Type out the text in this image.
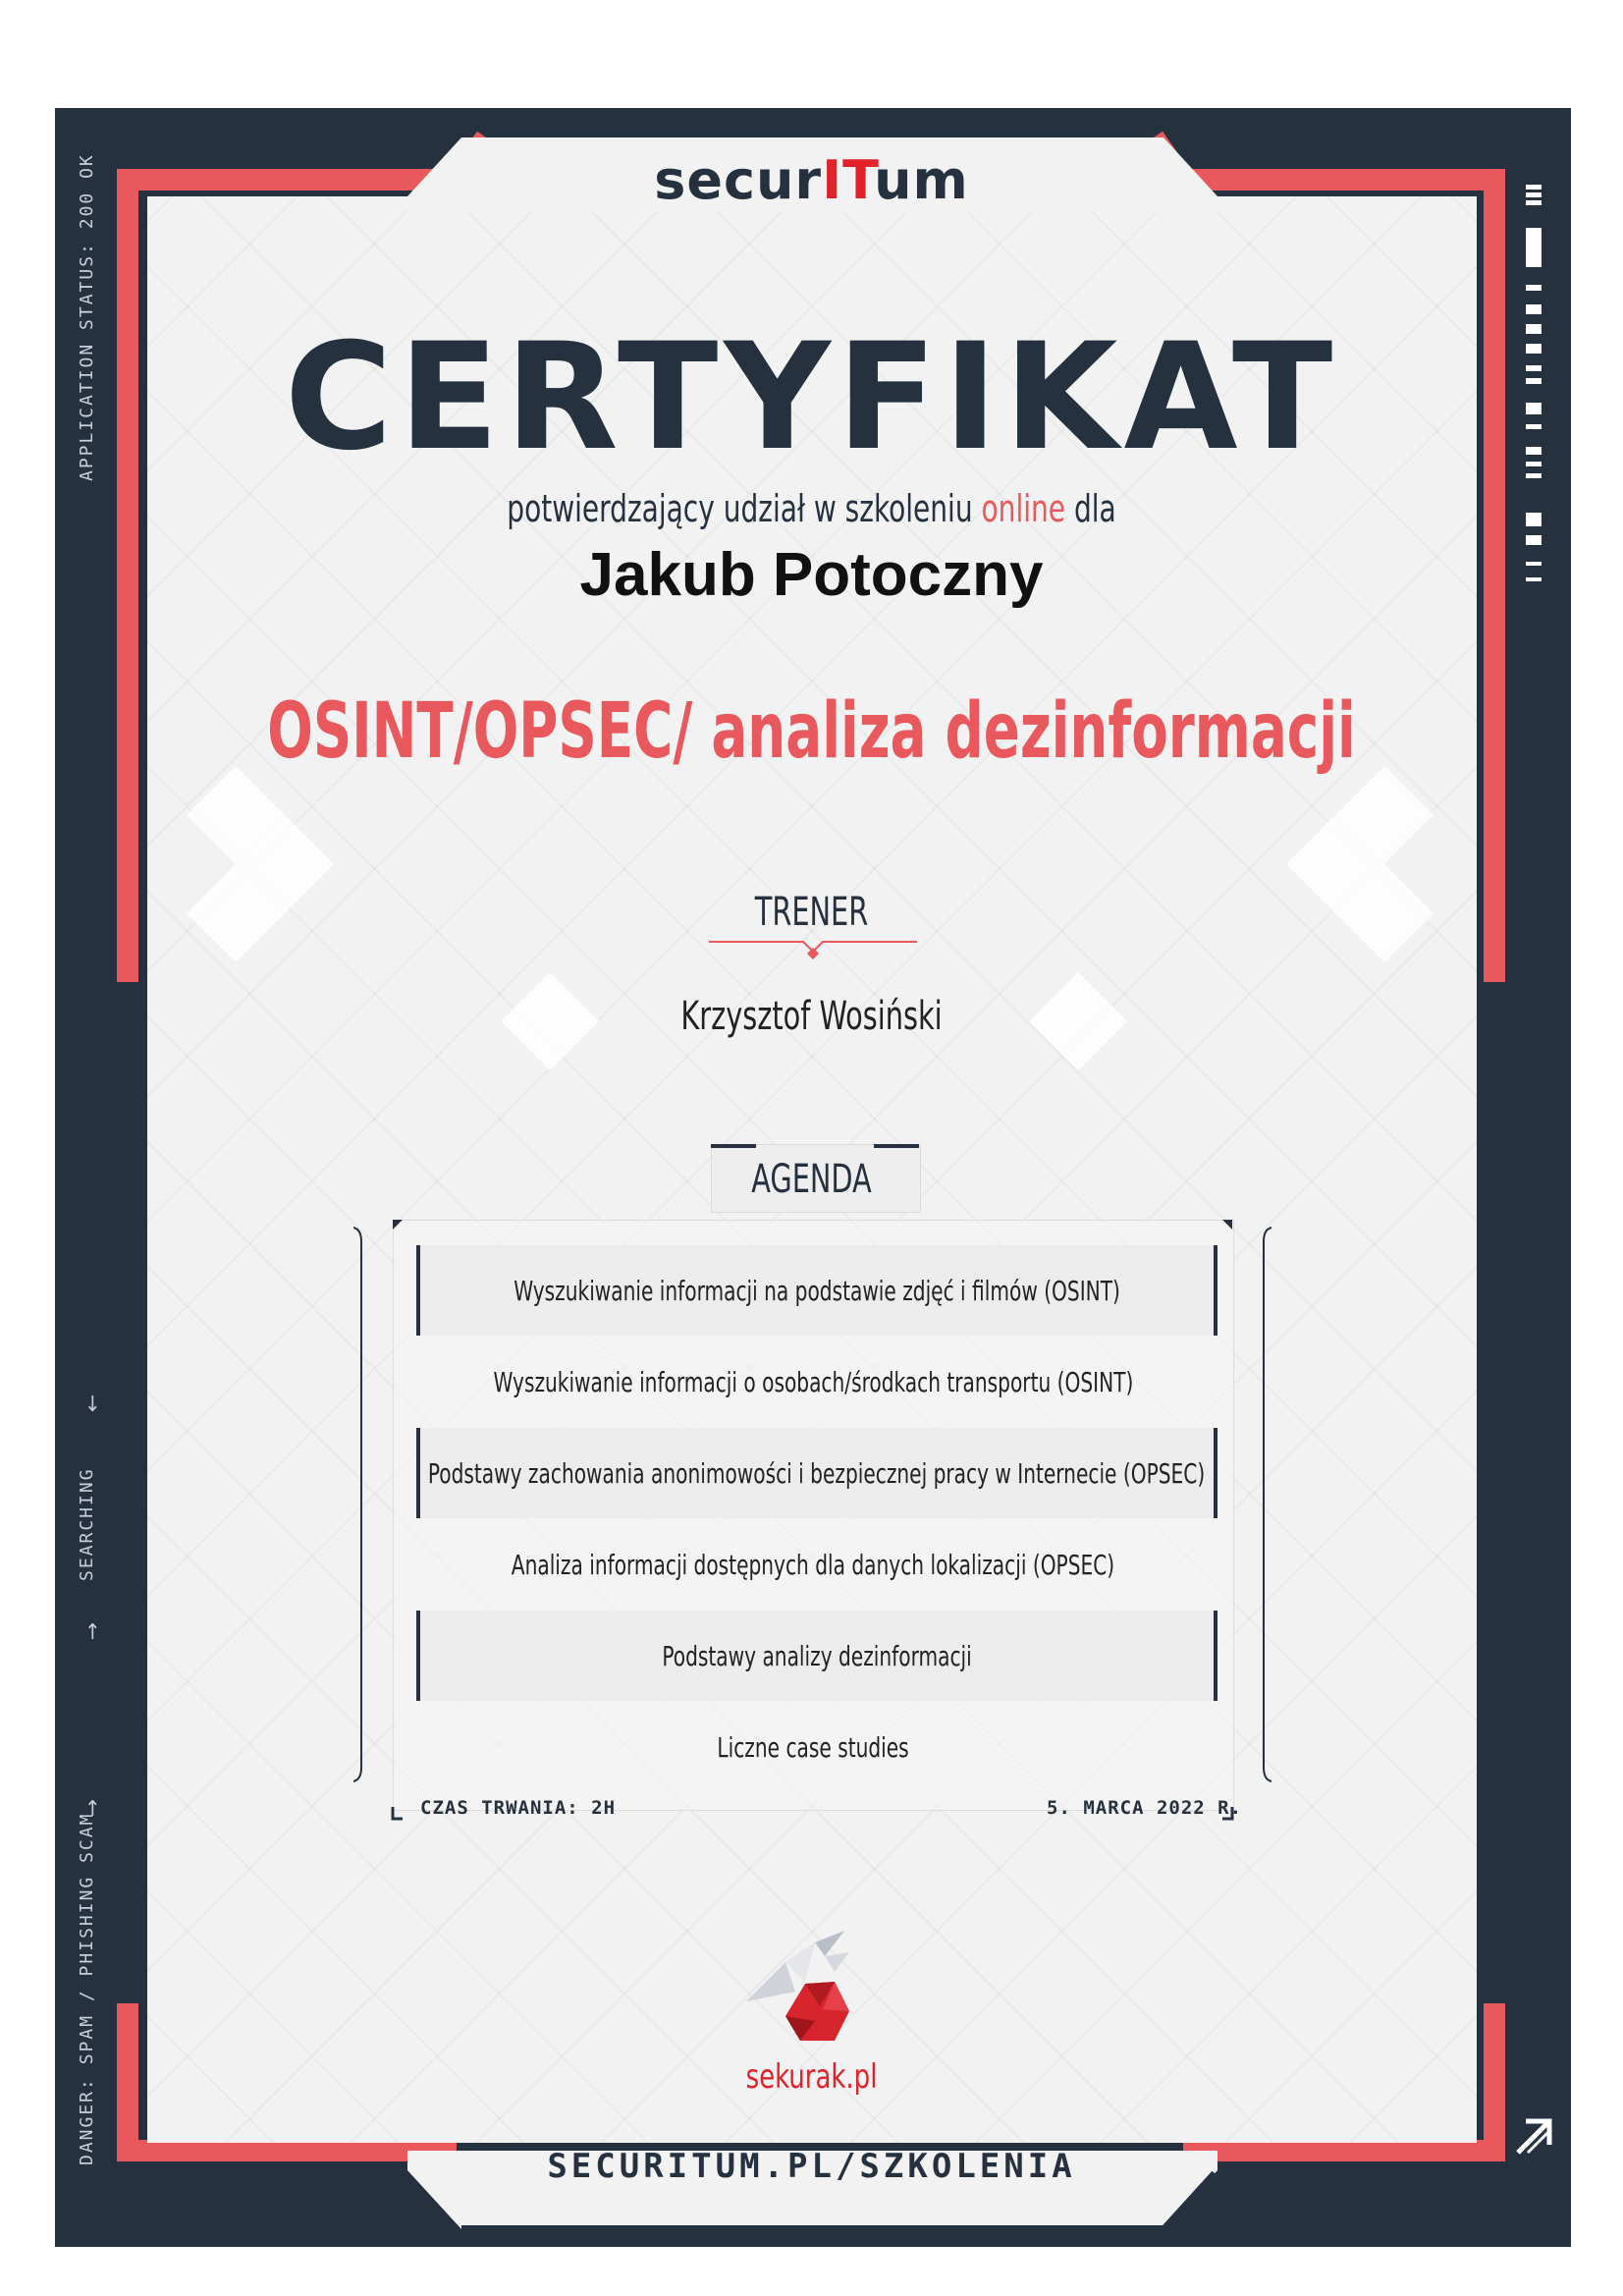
APPLICATION STATUS: 200 OK
SEARCHING
↓
↑
↑
DANGER: SPAM / PHISHING SCAM
securITum
CERTYFIKAT
potwierdzający udział w szkoleniu online dla
Jakub Potoczny
OSINT/OPSEC/ analiza dezinformacji
TRENER
Krzysztof Wosiński
AGENDA
Wyszukiwanie informacji na podstawie zdjęć i filmów (OSINT)
Wyszukiwanie informacji o osobach/środkach transportu (OSINT)
Podstawy zachowania anonimowości i bezpiecznej pracy w Internecie (OPSEC)
Analiza informacji dostępnych dla danych lokalizacji (OPSEC)
Podstawy analizy dezinformacji
Liczne case studies
CZAS TRWANIA: 2H	5. MARCA 2022 R.
sekurak.pl
SECURITUM.PL/SZKOLENIA
